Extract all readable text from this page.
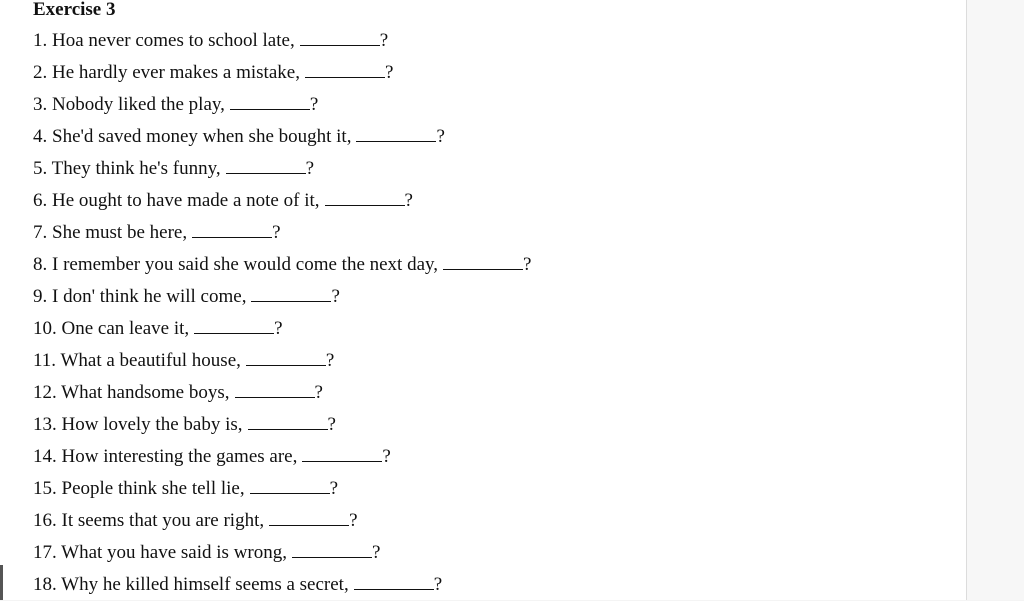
Exercise 3
1. Hoa never comes to school late,	?
2. He hardly ever makes a mistake,	?
3. Nobody liked the play,	?
4. She'd saved money when she bought it,	?
5. They think he's funny,	?
6. He ought to have made a note of it,	?
7. She must be here,	?
8. I remember you said she would come the next day,	?
9. I don' think he will come,	?
10. One can leave it,	?
11. What a beautiful house,	?
12. What handsome boys,	?
13. How lovely the baby is,	?
14. How interesting the games are,	?
15. People think she tell lie,	?
16. It seems that you are right,	?
17. What you have said is wrong,	?
18. Why he killed himself seems a secret,	?
